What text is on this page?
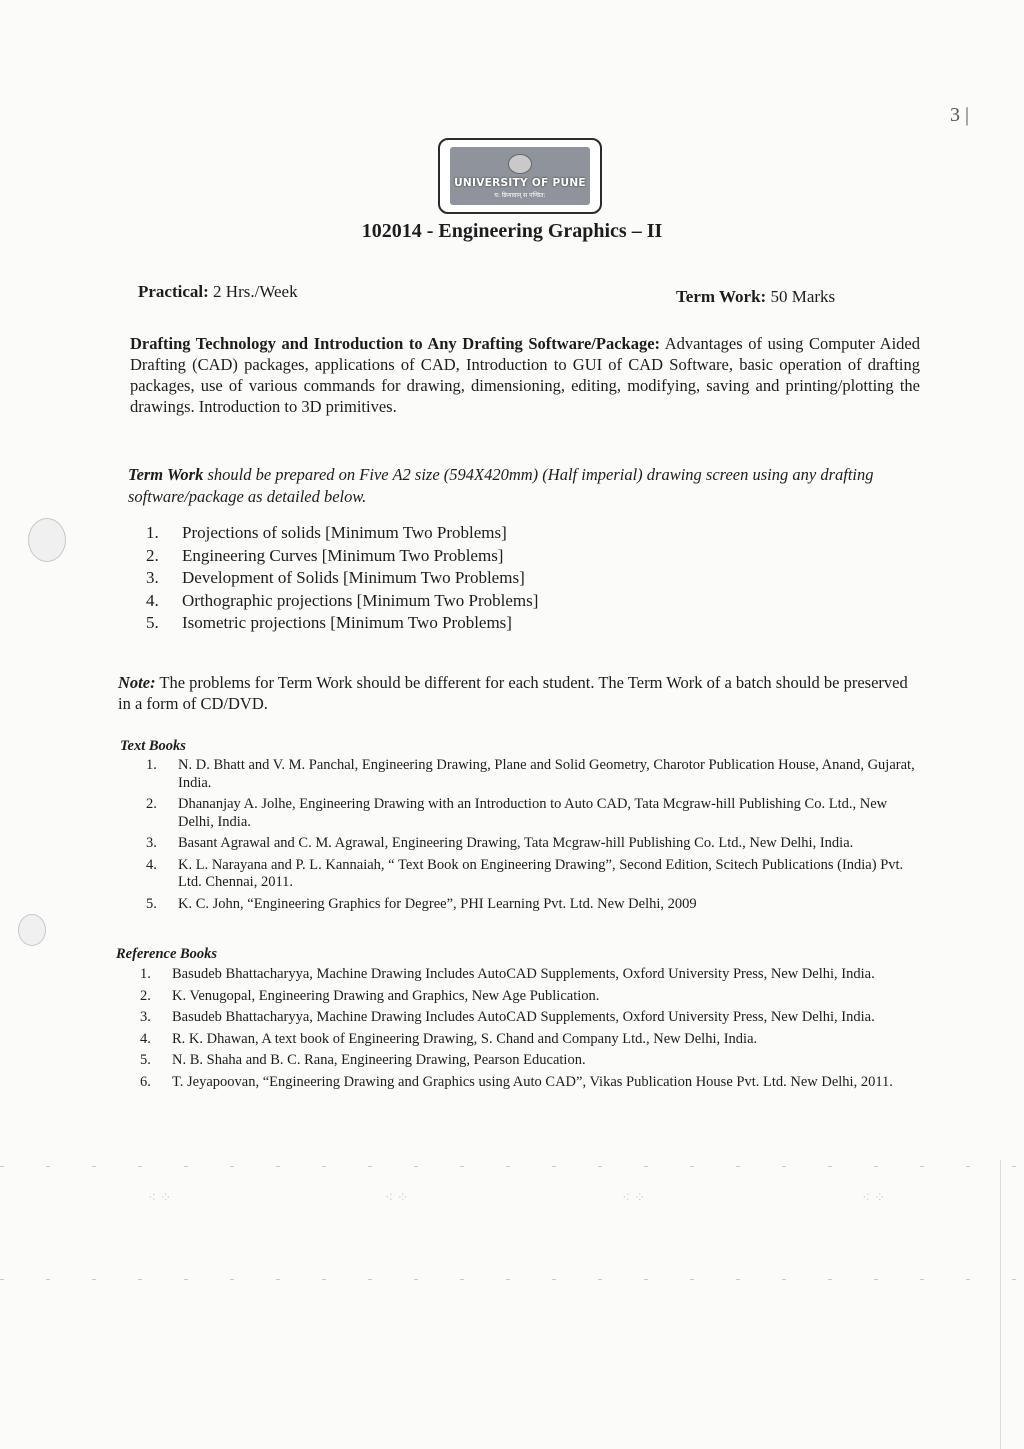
⁖ ⁘	⁖ ⁘	⁖ ⁘	⁖ ⁘
3 |
UNIVERSITY OF PUNE
य: क्रियावान् स पण्डित:
102014 - Engineering Graphics – II
Practical: 2 Hrs./Week	Term Work: 50 Marks
Drafting Technology and Introduction to Any Drafting Software/Package: Advantages of using Computer Aided Drafting (CAD) packages, applications of CAD, Introduction to GUI of CAD Software, basic operation of drafting packages, use of various commands for drawing, dimensioning, editing, modifying, saving and printing/plotting the drawings. Introduction to 3D primitives.
Term Work should be prepared on Five A2 size (594X420mm) (Half imperial) drawing screen using any drafting software/package as detailed below.
1.	Projections of solids [Minimum Two Problems]
2.	Engineering Curves [Minimum Two Problems]
3.	Development of Solids [Minimum Two Problems]
4.	Orthographic projections [Minimum Two Problems]
5.	Isometric projections [Minimum Two Problems]
Note: The problems for Term Work should be different for each student. The Term Work of a batch should be preserved in a form of CD/DVD.
Text Books
1.	N. D. Bhatt and V. M. Panchal, Engineering Drawing, Plane and Solid Geometry, Charotor Publication House, Anand, Gujarat, India.
2.	Dhananjay A. Jolhe, Engineering Drawing with an Introduction to Auto CAD, Tata Mcgraw-hill Publishing Co. Ltd., New Delhi, India.
3.	Basant Agrawal and C. M. Agrawal, Engineering Drawing, Tata Mcgraw-hill Publishing Co. Ltd., New Delhi, India.
4.	K. L. Narayana and P. L. Kannaiah, “ Text Book on Engineering Drawing”, Second Edition, Scitech Publications (India) Pvt. Ltd. Chennai, 2011.
5.	K. C. John, “Engineering Graphics for Degree”, PHI Learning Pvt. Ltd. New Delhi, 2009
Reference Books
1.	Basudeb Bhattacharyya, Machine Drawing Includes AutoCAD Supplements, Oxford University Press, New Delhi, India.
2.	K. Venugopal, Engineering Drawing and Graphics, New Age Publication.
3.	Basudeb Bhattacharyya, Machine Drawing Includes AutoCAD Supplements, Oxford University Press, New Delhi, India.
4.	R. K. Dhawan, A text book of Engineering Drawing, S. Chand and Company Ltd., New Delhi, India.
5.	N. B. Shaha and B. C. Rana, Engineering Drawing, Pearson Education.
6.	T. Jeyapoovan, “Engineering Drawing and Graphics using Auto CAD”, Vikas Publication House Pvt. Ltd. New Delhi, 2011.
